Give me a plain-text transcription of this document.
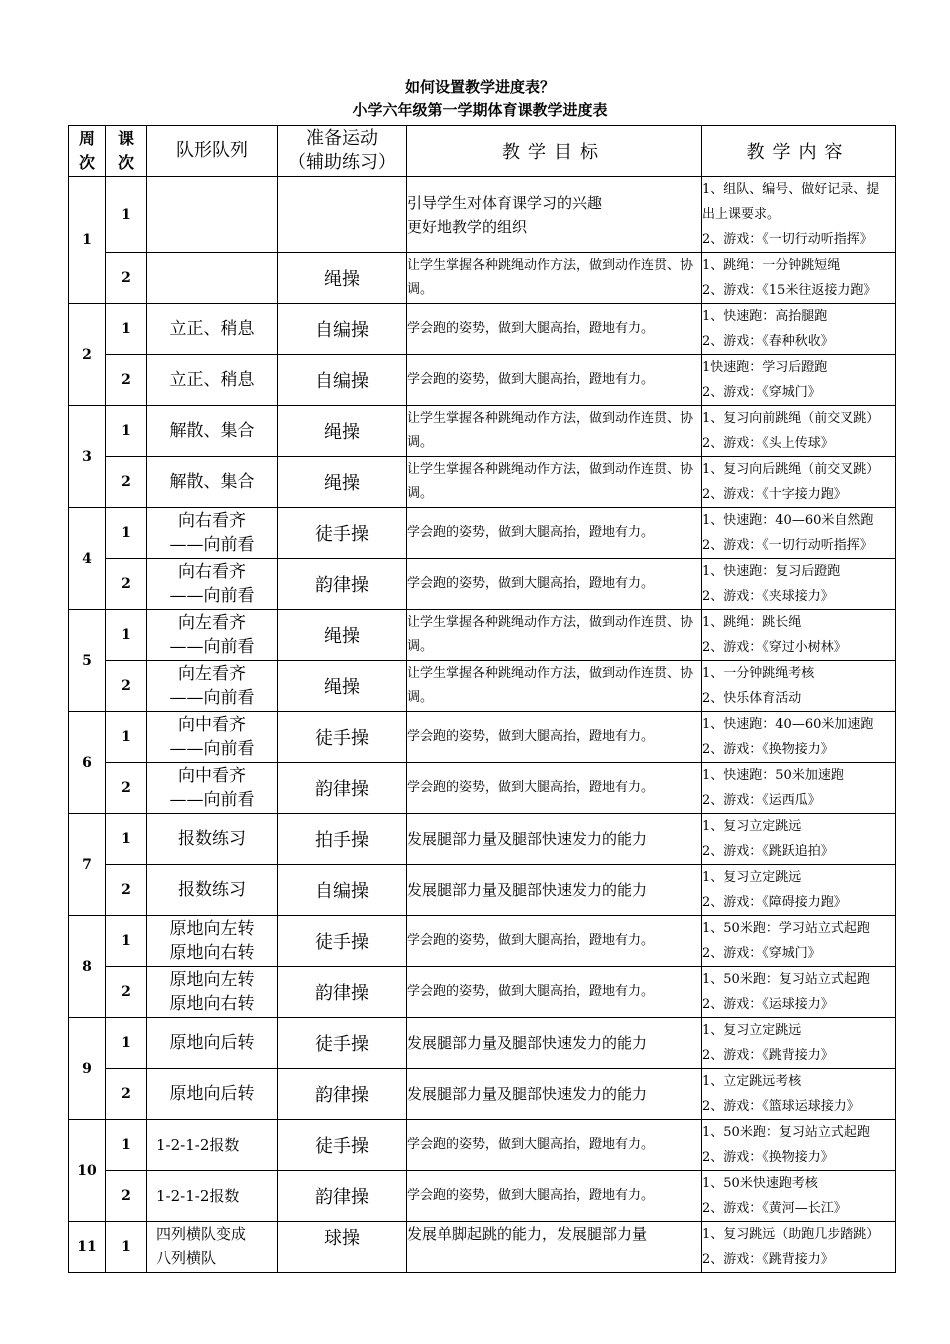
如何设置教学进度表？
小学六年级第一学期体育课教学进度表
周
次	课
次	队形队列	准备运动
（辅助练习）	教学目标	教学内容
1	1			引导学生对体育课学习的兴趣
更好地教学的组织	1、组队、编号、做好记录、提
出上课要求。
2、游戏：《一切行动听指挥》

	2		绳操	让学生掌握各种跳绳动作方法，做到动作连贯、协调。	1、跳绳：一分钟跳短绳
2、游戏：《15米往返接力跑》

2	1	立正、稍息	自编操	学会跑的姿势，做到大腿高抬，蹬地有力。	1、快速跑：高抬腿跑
2、游戏：《春种秋收》

	2	立正、稍息	自编操	学会跑的姿势，做到大腿高抬，蹬地有力。	1快速跑：学习后蹬跑
2、游戏：《穿城门》

3	1	解散、集合	绳操	让学生掌握各种跳绳动作方法，做到动作连贯、协调。	1、复习向前跳绳（前交叉跳）
2、游戏：《头上传球》

	2	解散、集合	绳操	让学生掌握各种跳绳动作方法，做到动作连贯、协调。	1、复习向后跳绳（前交叉跳）
2、游戏：《十字接力跑》

4	1	向右看齐
——向前看	徒手操	学会跑的姿势，做到大腿高抬，蹬地有力。	1、快速跑：40—60米自然跑
2、游戏：《一切行动听指挥》

	2	向右看齐
——向前看	韵律操	学会跑的姿势，做到大腿高抬，蹬地有力。	1、快速跑：复习后蹬跑
2、游戏：《夹球接力》

5	1	向左看齐
——向前看	绳操	让学生掌握各种跳绳动作方法，做到动作连贯、协调。	1、跳绳：跳长绳
2、游戏：《穿过小树林》

	2	向左看齐
——向前看	绳操	让学生掌握各种跳绳动作方法，做到动作连贯、协调。	1、一分钟跳绳考核
2、快乐体育活动

6	1	向中看齐
——向前看	徒手操	学会跑的姿势，做到大腿高抬，蹬地有力。	1、快速跑：40—60米加速跑
2、游戏：《换物接力》

	2	向中看齐
——向前看	韵律操	学会跑的姿势，做到大腿高抬，蹬地有力。	1、快速跑：50米加速跑
2、游戏：《运西瓜》

7	1	报数练习	拍手操	发展腿部力量及腿部快速发力的能力	1、复习立定跳远
2、游戏：《跳跃追拍》

	2	报数练习	自编操	发展腿部力量及腿部快速发力的能力	1、复习立定跳远
2、游戏：《障碍接力跑》

8	1	原地向左转
原地向右转	徒手操	学会跑的姿势，做到大腿高抬，蹬地有力。	1、50米跑：学习站立式起跑
2、游戏：《穿城门》

	2	原地向左转
原地向右转	韵律操	学会跑的姿势，做到大腿高抬，蹬地有力。	1、50米跑：复习站立式起跑
2、游戏：《运球接力》

9	1	原地向后转	徒手操	发展腿部力量及腿部快速发力的能力	1、复习立定跳远
2、游戏：《跳背接力》

	2	原地向后转	韵律操	发展腿部力量及腿部快速发力的能力	1、立定跳远考核
2、游戏：《篮球运球接力》

10	1	1-2-1-2报数	徒手操	学会跑的姿势，做到大腿高抬，蹬地有力。	1、50米跑：复习站立式起跑
2、游戏：《换物接力》

	2	1-2-1-2报数	韵律操	学会跑的姿势，做到大腿高抬，蹬地有力。	1、50米快速跑考核
2、游戏：《黄河—长江》

11	1	四列横队变成
八列横队	球操	发展单脚起跳的能力，发展腿部力量	1、复习跳远（助跑几步踏跳）
2、游戏：《跳背接力》
